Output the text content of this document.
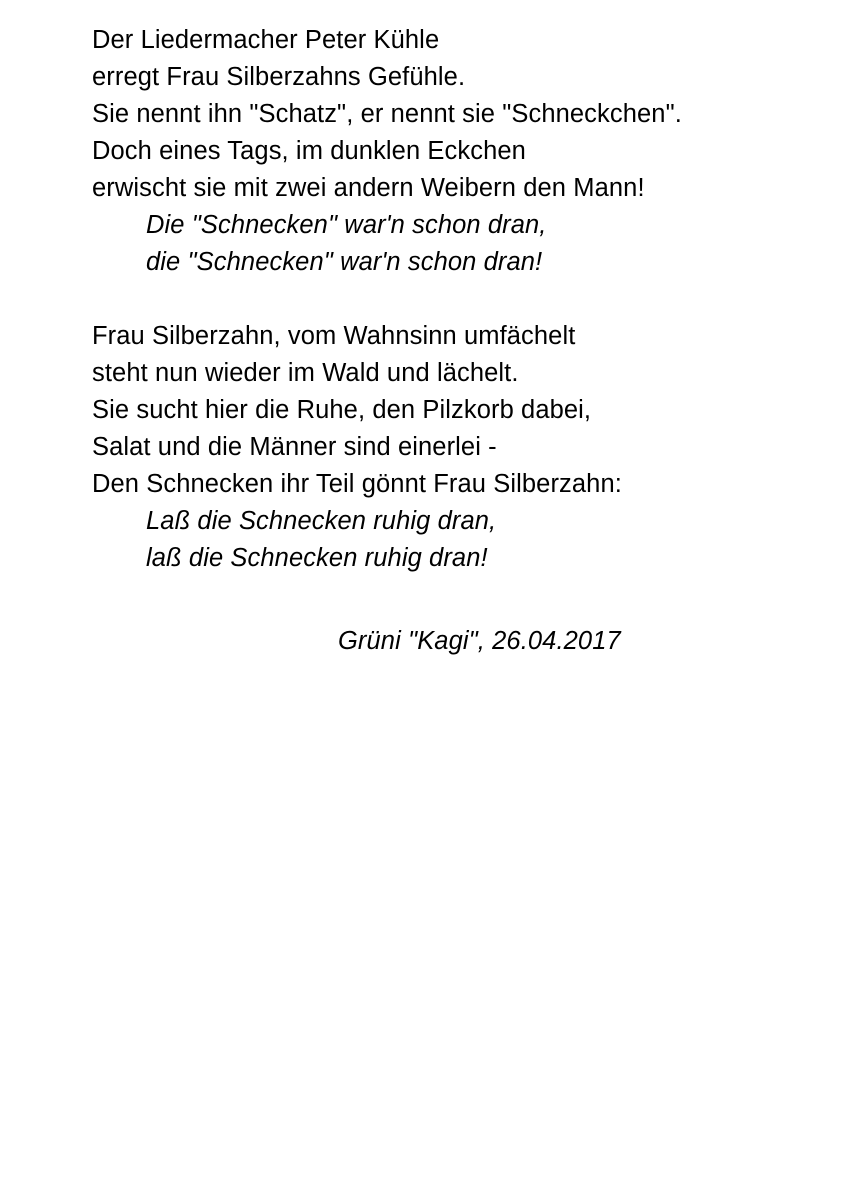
Der Liedermacher Peter Kühle
erregt Frau Silberzahns Gefühle.
Sie nennt ihn "Schatz", er nennt sie "Schneckchen".
Doch eines Tags, im dunklen Eckchen
erwischt sie mit zwei andern Weibern den Mann!
Die "Schnecken" war'n schon dran,
die "Schnecken" war'n schon dran!
Frau Silberzahn, vom Wahnsinn umfächelt
steht nun wieder im Wald und lächelt.
Sie sucht hier die Ruhe, den Pilzkorb dabei,
Salat und die Männer sind einerlei -
Den Schnecken ihr Teil gönnt Frau Silberzahn:
Laß die Schnecken ruhig dran,
laß die Schnecken ruhig dran!
Grüni "Kagi", 26.04.2017
